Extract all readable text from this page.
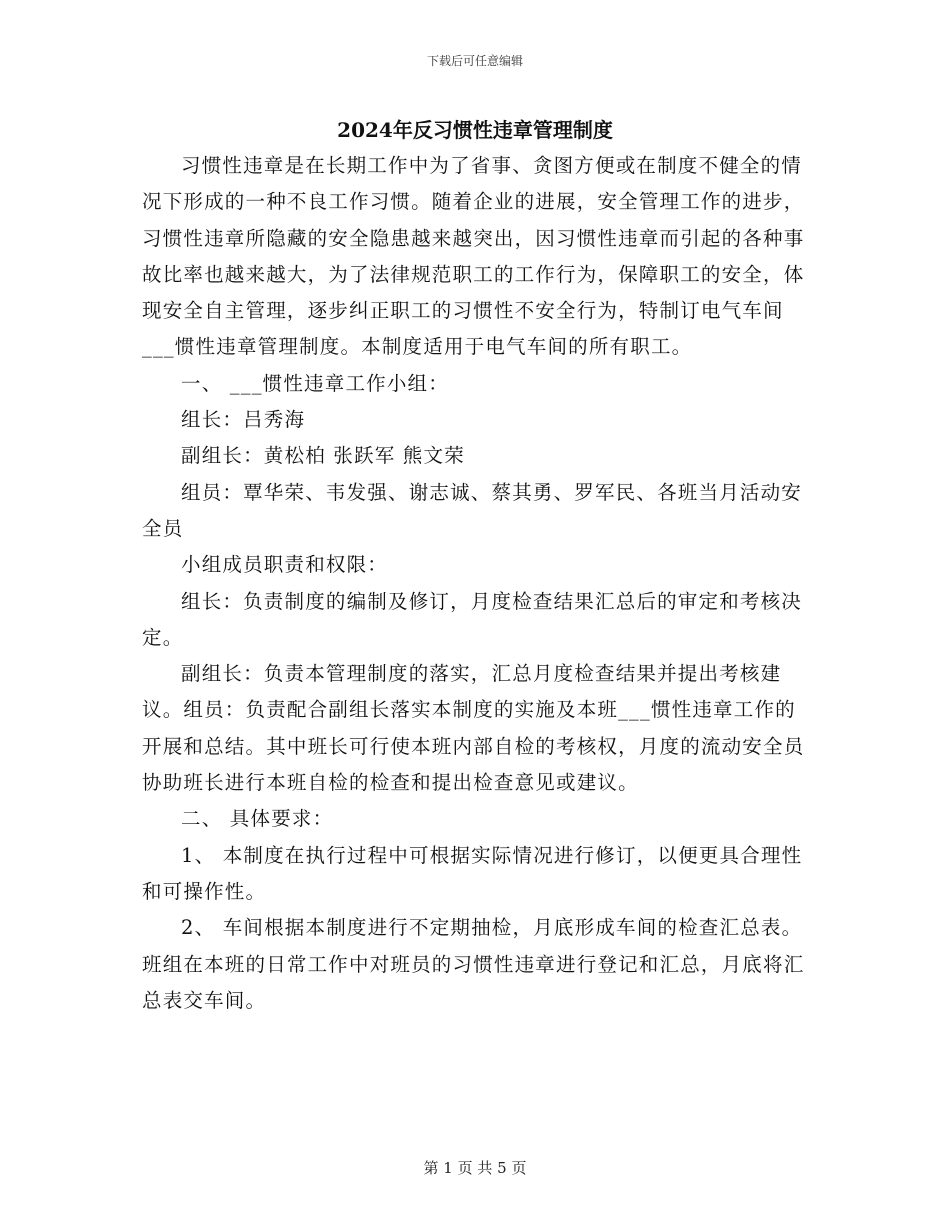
下载后可任意编辑
2024年反习惯性违章管理制度

习惯性违章是在长期工作中为了省事、贪图方便或在制度不健全的情况下形成的一种不良工作习惯。随着企业的进展，安全管理工作的进步，习惯性违章所隐藏的安全隐患越来越突出，因习惯性违章而引起的各种事故比率也越来越大，为了法律规范职工的工作行为，保障职工的安全，体现安全自主管理，逐步纠正职工的习惯性不安全行为，特制订电气车间___惯性违章管理制度。本制度适用于电气车间的所有职工。

一、 ___惯性违章工作小组：

组长：吕秀海

副组长：黄松柏 张跃军 熊文荣

组员：覃华荣、韦发强、谢志诚、蔡其勇、罗军民、各班当月活动安全员

小组成员职责和权限：

组长：负责制度的编制及修订，月度检查结果汇总后的审定和考核决定。

副组长：负责本管理制度的落实，汇总月度检查结果并提出考核建议。组员：负责配合副组长落实本制度的实施及本班___惯性违章工作的开展和总结。其中班长可行使本班内部自检的考核权，月度的流动安全员协助班长进行本班自检的检查和提出检查意见或建议。

二、 具体要求：

1、 本制度在执行过程中可根据实际情况进行修订，以便更具合理性和可操作性。

2、 车间根据本制度进行不定期抽检，月底形成车间的检查汇总表。班组在本班的日常工作中对班员的习惯性违章进行登记和汇总，月底将汇总表交车间。

第 1 页 共 5 页
